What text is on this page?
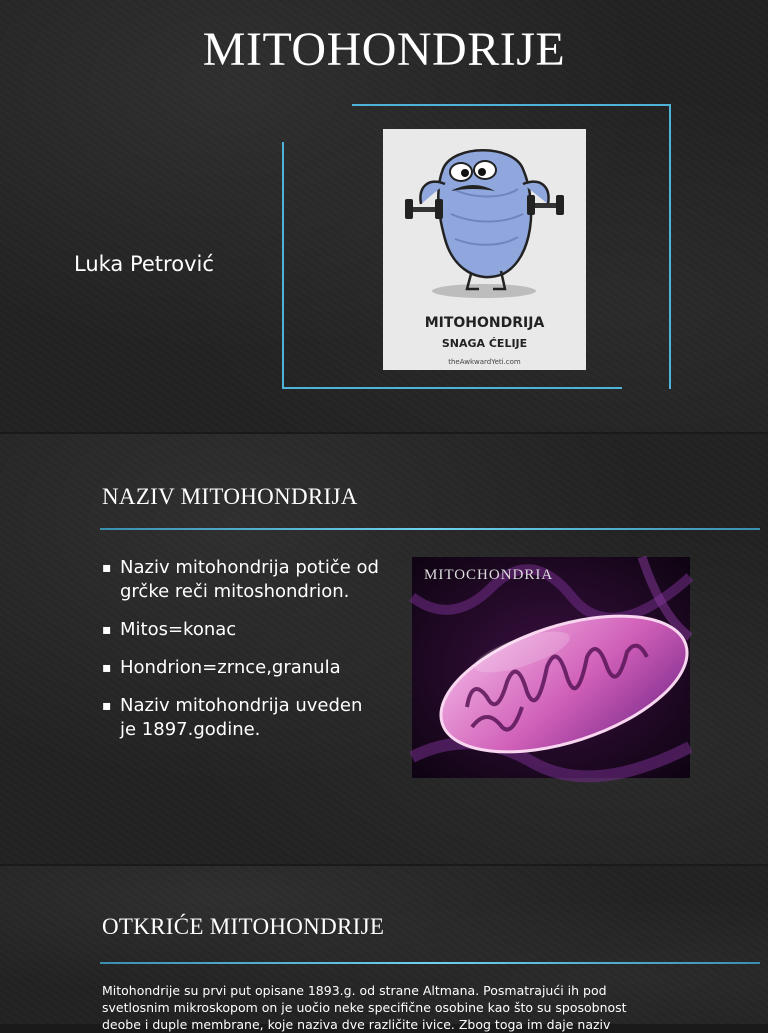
MITOHONDRIJE
Luka Petrović
MITOHONDRIJA
SNAGA ĆELIJE
theAwkwardYeti.com
NAZIV MITOHONDRIJA
▪ Naziv mitohondrija potiče od grčke reči mitoshondrion.
▪ Mitos=konac
▪ Hondrion=zrnce,granula
▪ Naziv mitohondrija uveden je 1897.godine.
MITOCHONDRIA
OTKRIĆE MITOHONDRIJE

Mitohondrije su prvi put opisane 1893.g. od strane Altmana. Posmatrajući ih pod svetlosnim mikroskopom on je uočio neke specifične osobine kao što su sposobnost deobe i duple membrane, koje naziva dve različite ivice. Zbog toga im daje naziv
